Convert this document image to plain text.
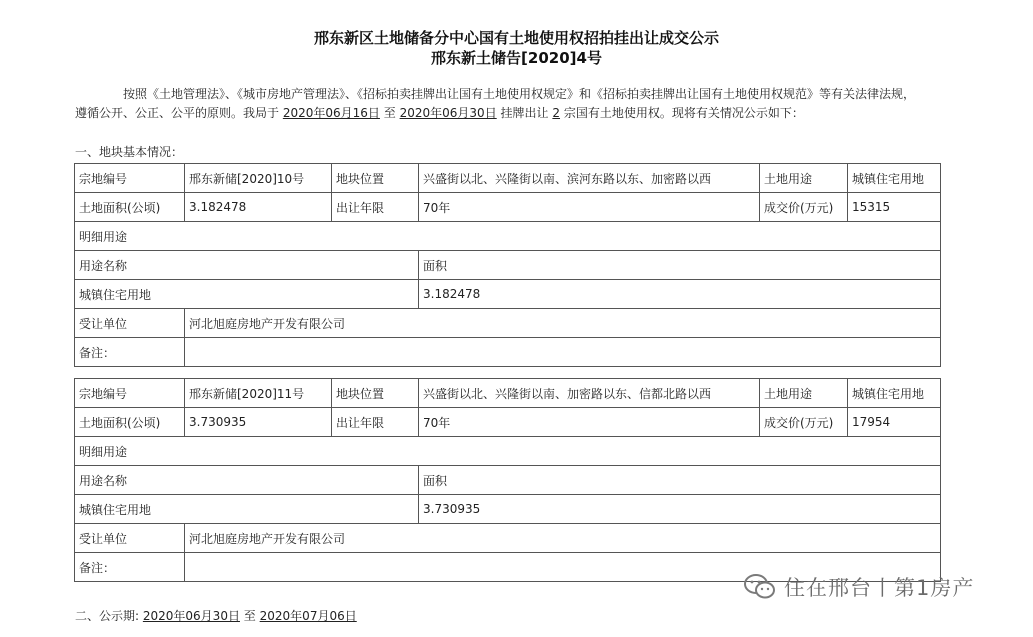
邢东新区土地储备分中心国有土地使用权招拍挂出让成交公示
邢东新土储告[2020]4号
按照《土地管理法》、《城市房地产管理法》、《招标拍卖挂牌出让国有土地使用权规定》和《招标拍卖挂牌出让国有土地使用权规范》等有关法律法规，
遵循公开、公正、公平的原则。我局于 2020年06月16日 至 2020年06月30日 挂牌出让 2 宗国有土地使用权。现将有关情况公示如下：
一、地块基本情况：
宗地编号	邢东新储[2020]10号	地块位置	兴盛街以北、兴隆街以南、滨河东路以东、加密路以西	土地用途	城镇住宅用地
土地面积(公顷)	3.182478	出让年限	70年	成交价(万元)	15315
明细用途					
用途名称			面积		
城镇住宅用地			3.182478		
受让单位	河北旭庭房地产开发有限公司				
备注：					
宗地编号	邢东新储[2020]11号	地块位置	兴盛街以北、兴隆街以南、加密路以东、信都北路以西	土地用途	城镇住宅用地
土地面积(公顷)	3.730935	出让年限	70年	成交价(万元)	17954
明细用途					
用途名称			面积		
城镇住宅用地			3.730935		
受让单位	河北旭庭房地产开发有限公司				
备注：					
二、公示期: 2020年06月30日 至 2020年07月06日
住在邢台丨第1房产
